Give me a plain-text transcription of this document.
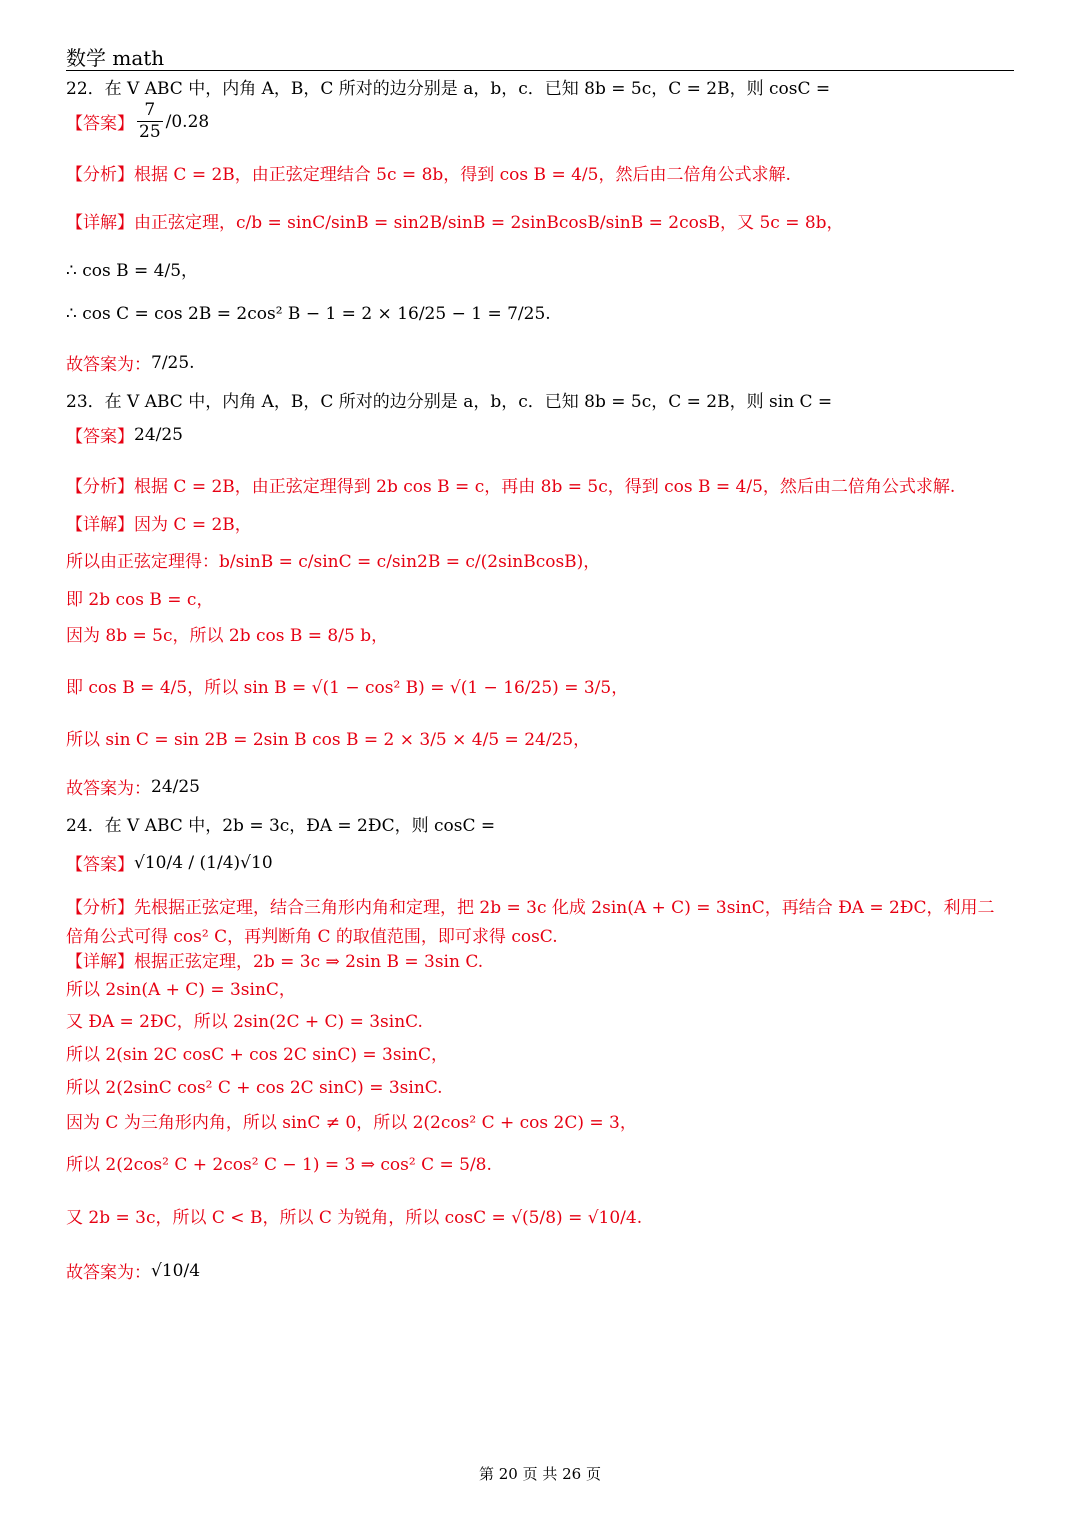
数学 math
22．在 V ABC 中，内角 A，B，C 所对的边分别是 a，b，c．已知 8b = 5c，C = 2B，则 cosC =
【答案】 $\frac{7}{25} /0.28$
【分析】 根据 C = 2B，由正弦定理结合 5c = 8b，得到 cos B = 4/5，然后由二倍角公式求解.
【详解】 由正弦定理，c/b = sinC/sinB = sin2B/sinB = 2sinBcosB/sinB = 2cosB，又 5c = 8b，
∴ cos B = 4/5，
∴ cos C = cos 2B = 2cos² B − 1 = 2 × 16/25 − 1 = 7/25.
故答案为： 7/25.
23．在 V ABC 中，内角 A，B，C 所对的边分别是 a，b，c．已知 8b = 5c，C = 2B，则 sin C =
【答案】 24/25
【分析】 根据 C = 2B，由正弦定理得到 2b cos B = c，再由 8b = 5c，得到 cos B = 4/5，然后由二倍角公式求解.
【详解】 因为 C = 2B，
所以由正弦定理得：b/sinB = c/sinC = c/sin2B = c/(2sinBcosB)，
即 2b cos B = c，
因为 8b = 5c，所以 2b cos B = 8/5 b，
即 cos B = 4/5，所以 sin B = √(1 − cos² B) = √(1 − 16/25) = 3/5，
所以 sin C = sin 2B = 2sin B cos B = 2 × 3/5 × 4/5 = 24/25，
故答案为： 24/25
24．在 V ABC 中，2b = 3c，ÐA = 2ÐC，则 cosC =
【答案】 √10/4 / (1/4)√10
【分析】 先根据正弦定理，结合三角形内角和定理，把 2b = 3c 化成 2sin(A + C) = 3sinC，再结合 ÐA = 2ÐC，利用二
倍角公式可得 cos² C，再判断角 C 的取值范围，即可求得 cosC.
【详解】 根据正弦定理，2b = 3c ⇒ 2sin B = 3sin C.
所以 2sin(A + C) = 3sinC，
又 ÐA = 2ÐC，所以 2sin(2C + C) = 3sinC.
所以 2(sin 2C cosC + cos 2C sinC) = 3sinC，
所以 2(2sinC cos² C + cos 2C sinC) = 3sinC.
因为 C 为三角形内角，所以 sinC ≠ 0，所以 2(2cos² C + cos 2C) = 3，
所以 2(2cos² C + 2cos² C − 1) = 3 ⇒ cos² C = 5/8.
又 2b = 3c，所以 C < B，所以 C 为锐角，所以 cosC = √(5/8) = √10/4.
故答案为： √10/4
第 20 页 共 26 页
